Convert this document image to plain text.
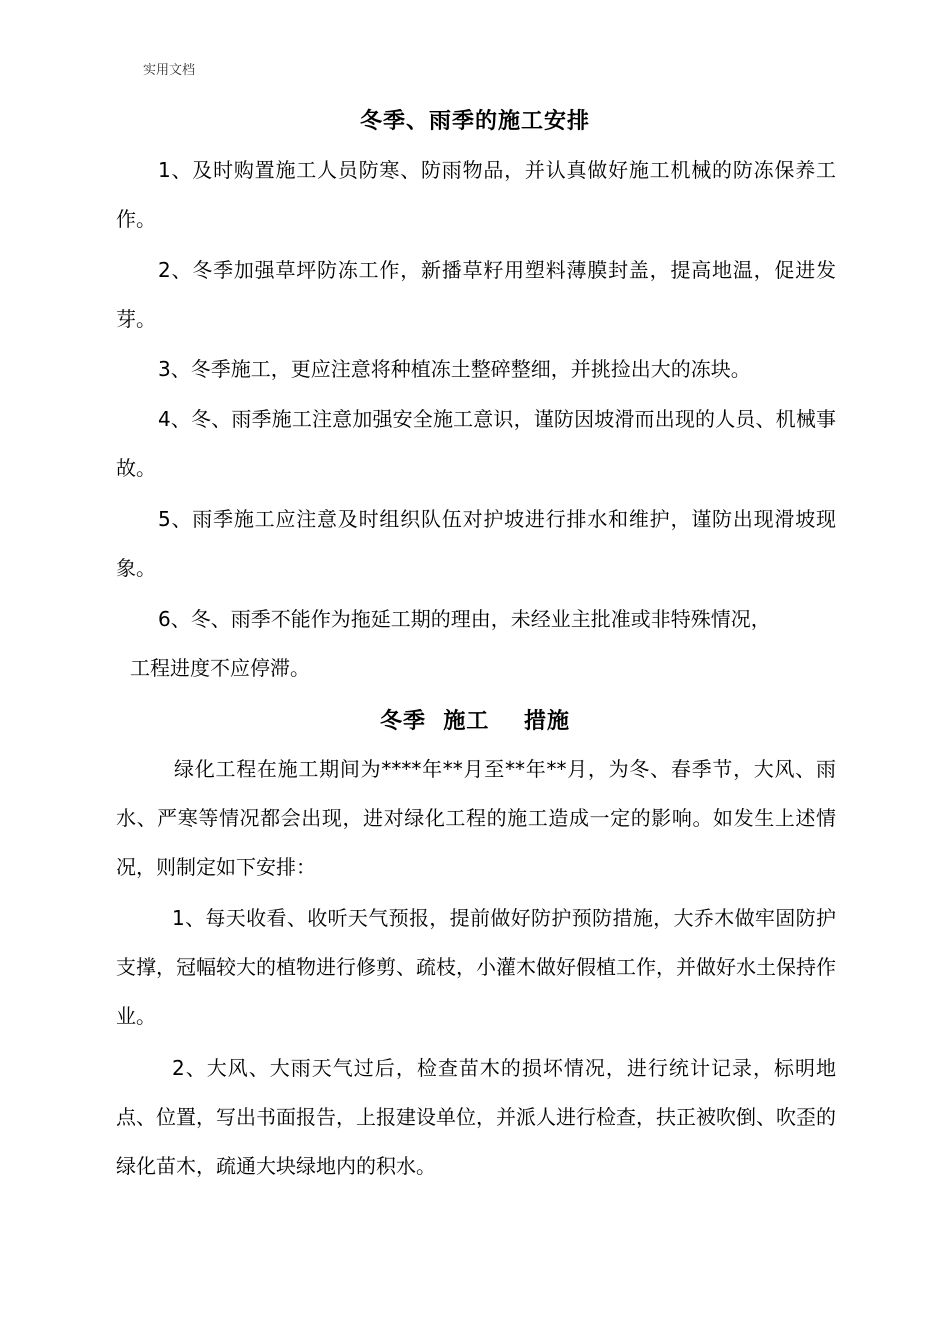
实用文档
冬季、雨季的施工安排

1、及时购置施工人员防寒、防雨物品，并认真做好施工机械的防冻保养工作。

2、冬季加强草坪防冻工作，新播草籽用塑料薄膜封盖，提高地温，促进发芽。

3、冬季施工，更应注意将种植冻土整碎整细，并挑捡出大的冻块。

4、冬、雨季施工注意加强安全施工意识，谨防因坡滑而出现的人员、机械事故。

5、雨季施工应注意及时组织队伍对护坡进行排水和维护，谨防出现滑坡现象。

6、冬、雨季不能作为拖延工期的理由，未经业主批准或非特殊情况，
工程进度不应停滞。
冬季  施工    措施

绿化工程在施工期间为****年**月至**年**月，为冬、春季节，大风、雨水、严寒等情况都会出现，进对绿化工程的施工造成一定的影响。如发生上述情况，则制定如下安排：

1、每天收看、收听天气预报，提前做好防护预防措施，大乔木做牢固防护支撑，冠幅较大的植物进行修剪、疏枝，小灌木做好假植工作，并做好水土保持作业。

2、大风、大雨天气过后，检查苗木的损坏情况，进行统计记录，标明地点、位置，写出书面报告，上报建设单位，并派人进行检查，扶正被吹倒、吹歪的绿化苗木，疏通大块绿地内的积水。
